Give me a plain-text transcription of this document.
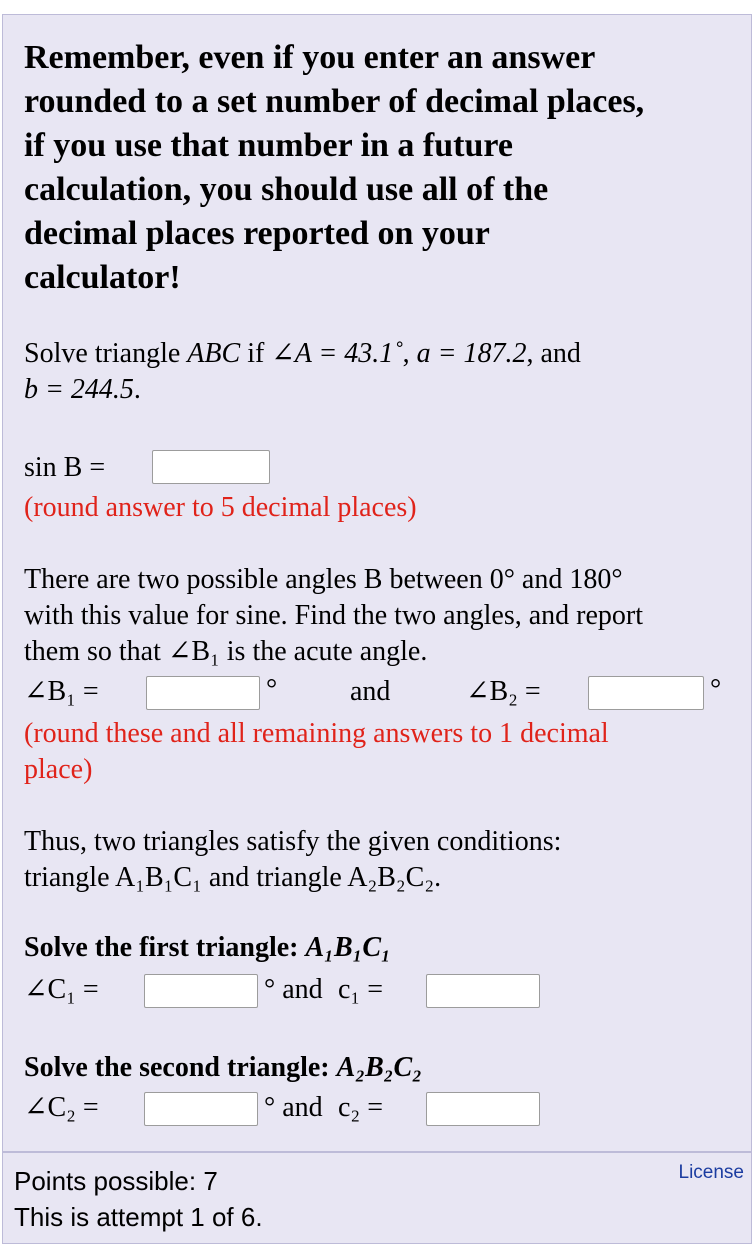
Remember, even if you enter an answer
rounded to a set number of decimal places,
if you use that number in a future
calculation, you should use all of the
decimal places reported on your
calculator!
Solve triangle ABC if ∠A = 43.1˚, a = 187.2, and
b = 244.5.
sin B =
(round answer to 5 decimal places)
There are two possible angles B between 0° and 180°
with this value for sine. Find the two angles, and report
them so that ∠B₁ is the acute angle.
∠B₁ =	°	and	∠B₂ =	°
(round these and all remaining answers to 1 decimal
place)
Thus, two triangles satisfy the given conditions:
triangle A₁B₁C₁ and triangle A₂B₂C₂.
Solve the first triangle: A₁B₁C₁
∠C₁ =	° and c₁ =
Solve the second triangle: A₂B₂C₂
∠C₂ =	° and c₂ =
Points possible: 7
This is attempt 1 of 6.
License
